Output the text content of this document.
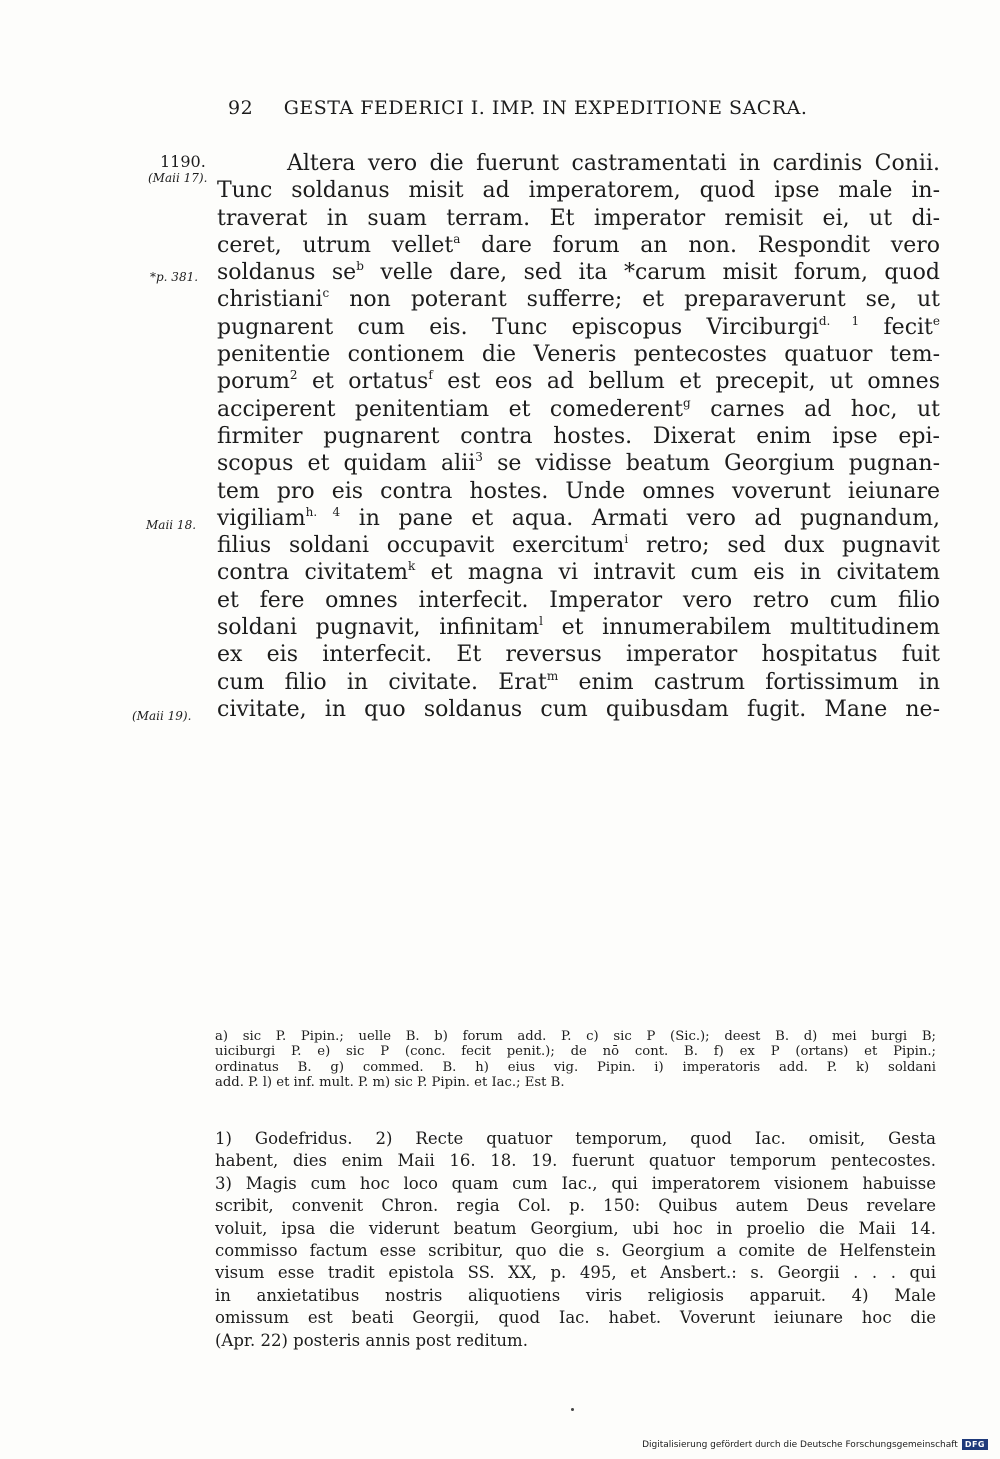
92 GESTA FEDERICI I. IMP. IN EXPEDITIONE SACRA.
1190.
(Maii 17).
*p. 381.
Maii 18.
(Maii 19).
Altera vero die fuerunt castramentati in cardinis Conii.
Tunc soldanus misit ad imperatorem, quod ipse male in-
traverat in suam terram. Et imperator remisit ei, ut di-
ceret, utrum vellet$^a$ dare forum an non. Respondit vero
soldanus $se^b$ velle dare, sed ita *carum misit forum, quod
christiani$^c$ non poterant sufferre; et preparaverunt se, ut
pugnarent cum eis. Tunc episcopus Virciburgi$^{d. 1}$ fecit$^e$
penitentie contionem die Veneris pentecostes quatuor tem-
porum$^2$ et ortatus$^f$ est eos ad bellum et precepit, ut omnes
acciperent penitentiam et comederent$^g$ carnes ad hoc, ut
firmiter pugnarent contra hostes. Dixerat enim ipse epi-
scopus et quidam alii$^3$ se vidisse beatum Georgium pugnan-
tem pro eis contra hostes. Unde omnes voverunt ieiunare
vigiliam$^{h. 4}$ in pane et aqua. Armati vero ad pugnandum,
filius soldani occupavit exercitum$^i$ retro; sed dux pugnavit
contra civitatem$^k$ et magna vi intravit cum eis in civitatem
et fere omnes interfecit. Imperator vero retro cum filio
soldani pugnavit, infinitam$^l$ et innumerabilem multitudinem
ex eis interfecit. Et reversus imperator hospitatus fuit
cum filio in civitate. Erat$^m$ enim castrum fortissimum in
civitate, in quo soldanus cum quibusdam fugit. Mane ne-
a) sic P. Pipin.; uelle B. b) forum add. P. c) sic P (Sic.); deest B. d) mei burgi B;
uiciburgi P. e) sic P (conc. fecit penit.); de nō cont. B. f) ex P (ortans) et Pipin.;
ordinatus B. g) commed. B. h) eius vig. Pipin. i) imperatoris add. P. k) soldani
add. P. l) et inf. mult. P. m) sic P. Pipin. et Iac.; Est B.
1) Godefridus. 2) Recte quatuor temporum, quod Iac. omisit, Gesta
habent, dies enim Maii 16. 18. 19. fuerunt quatuor temporum pentecostes.
3) Magis cum hoc loco quam cum Iac., qui imperatorem visionem habuisse
scribit, convenit Chron. regia Col. p. 150: Quibus autem Deus revelare
voluit, ipsa die viderunt beatum Georgium, ubi hoc in proelio die Maii 14.
commisso factum esse scribitur, quo die s. Georgium a comite de Helfenstein
visum esse tradit epistola SS. XX, p. 495, et Ansbert.: s. Georgii . . . qui
in anxietatibus nostris aliquotiens viris religiosis apparuit. 4) Male
omissum est beati Georgii, quod Iac. habet. Voverunt ieiunare hoc die
(Apr. 22) posteris annis post reditum.
Digitalisierung gefördert durch die Deutsche Forschungsgemeinschaft DFG
